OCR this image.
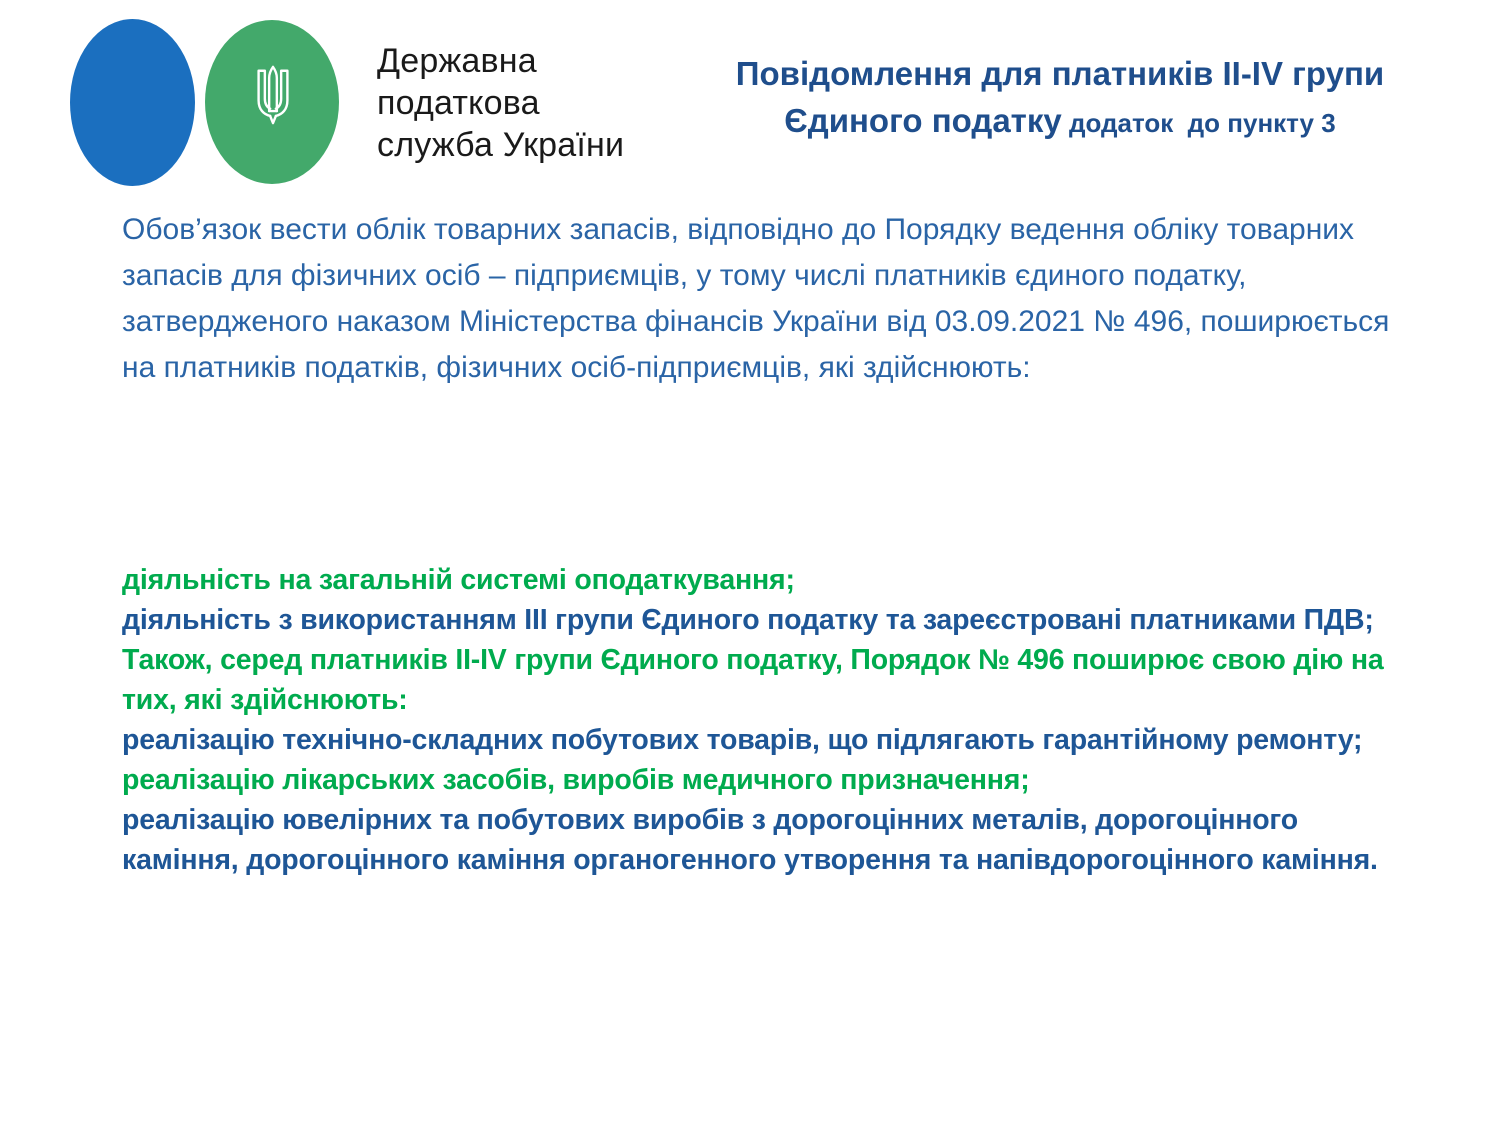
Державна
податкова
служба України
Повідомлення для платників II-IV групи
Єдиного податку додаток  до пункту 3

Обов’язок вести облік товарних запасів, відповідно до Порядку ведення обліку товарних запасів для фізичних осіб – підприємців, у тому числі платників єдиного податку, затвердженого наказом Міністерства фінансів України від 03.09.2021 № 496, поширюється на платників податків, фізичних осіб-підприємців, які здійснюють:

діяльність на загальній системі оподаткування;

діяльність з використанням III групи Єдиного податку та зареєстровані платниками ПДВ;

Також, серед платників II-IV групи Єдиного податку, Порядок № 496 поширює свою дію на тих, які здійснюють:

реалізацію технічно-складних побутових товарів, що підлягають гарантійному ремонту;

реалізацію лікарських засобів, виробів медичного призначення;

реалізацію ювелірних та побутових виробів з дорогоцінних металів, дорогоцінного каміння, дорогоцінного каміння органогенного утворення та напівдорогоцінного каміння.
